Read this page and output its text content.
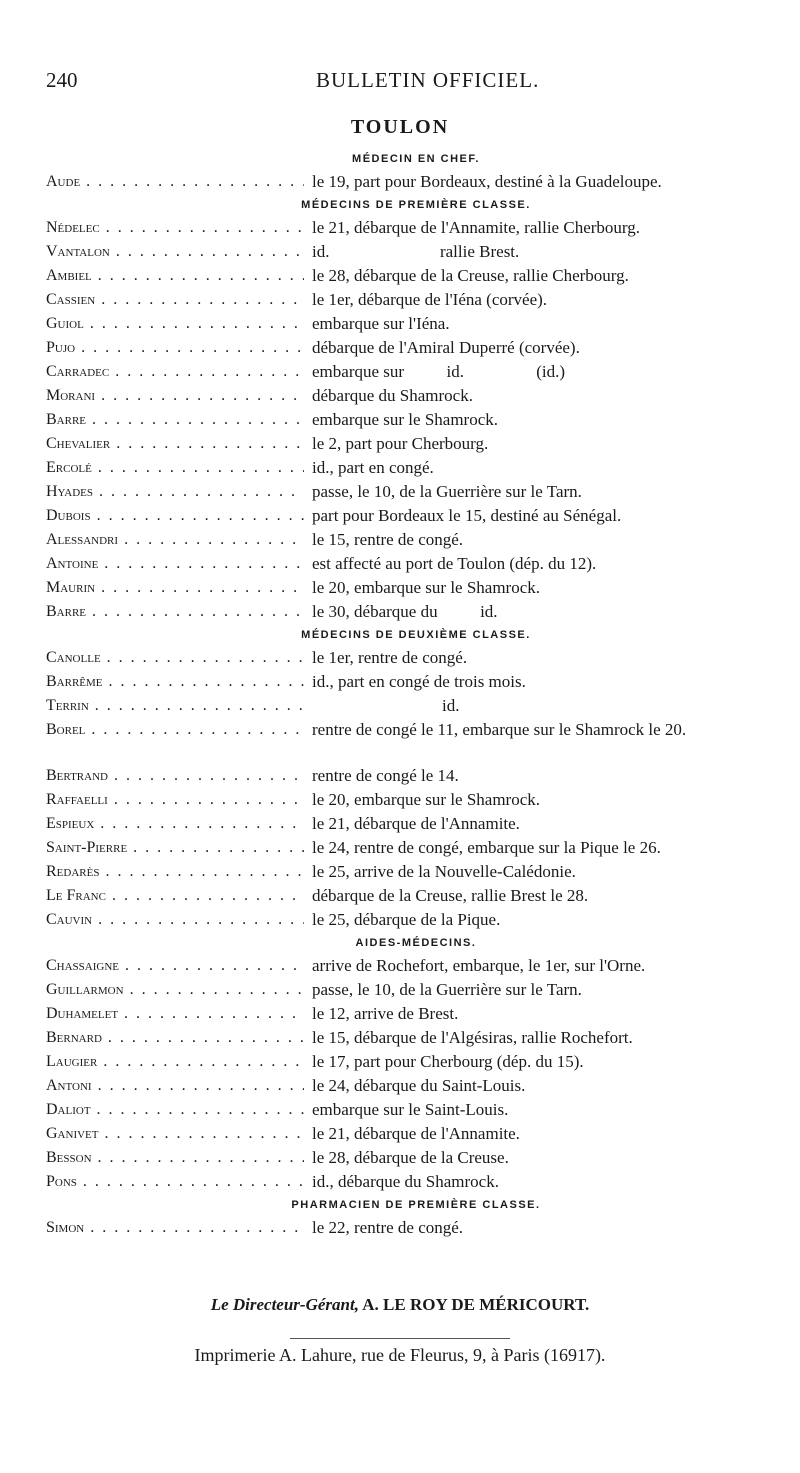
240	BULLETIN OFFICIEL.
TOULON
MÉDECIN EN CHEF.
Aude . . .	le 19, part pour Bordeaux, destiné à la Guadeloupe.
MÉDECINS DE PREMIÈRE CLASSE.
Nédelec . . .	le 21, débarque de l'Annamite, rallie Cherbourg.
Vantalon . . .	id.                          rallie Brest.
Ambiel . . .	le 28, débarque de la Creuse, rallie Cherbourg.
Cassien . . .	le 1er, débarque de l'Iéna (corvée).
Guiol . . .	embarque sur l'Iéna.
Pujo . . .	débarque de l'Amiral Duperré (corvée).
Carradec . . .	embarque sur          id.                 (id.)
Morani . . .	débarque du Shamrock.
Barre . . .	embarque sur le Shamrock.
Chevalier . . .	le 2, part pour Cherbourg.
Ercolé . . .	id., part en congé.
Hyades . . .	passe, le 10, de la Guerrière sur le Tarn.
Dubois . . .	part pour Bordeaux le 15, destiné au Sénégal.
Alessandri . . .	le 15, rentre de congé.
Antoine . . .	est affecté au port de Toulon (dép. du 12).
Maurin . . .	le 20, embarque sur le Shamrock.
Barre . . .	le 30, débarque du          id.
MÉDECINS DE DEUXIÈME CLASSE.
Canolle . . .	le 1er, rentre de congé.
Barrême . . .	id., part en congé de trois mois.
Terrin . . .	id.
Borel . . .	rentre de congé le 11, embarque sur le Shamrock le 20.
Bertrand . . .	rentre de congé le 14.
Raffaelli . . .	le 20, embarque sur le Shamrock.
Espieux . . .	le 21, débarque de l'Annamite.
Saint-Pierre . . .	le 24, rentre de congé, embarque sur la Pique le 26.
Redarès . . .	le 25, arrive de la Nouvelle-Calédonie.
Le Franc . . .	débarque de la Creuse, rallie Brest le 28.
Cauvin . . .	le 25, débarque de la Pique.
AIDES-MÉDECINS.
Chassaigne . . .	arrive de Rochefort, embarque, le 1er, sur l'Orne.
Guillarmon . . .	passe, le 10, de la Guerrière sur le Tarn.
Duhamelet . . .	le 12, arrive de Brest.
Bernard . . .	le 15, débarque de l'Algésiras, rallie Rochefort.
Laugier . . .	le 17, part pour Cherbourg (dép. du 15).
Antoni . . .	le 24, débarque du Saint-Louis.
Daliot . . .	embarque sur le Saint-Louis.
Ganivet . . .	le 21, débarque de l'Annamite.
Besson . . .	le 28, débarque de la Creuse.
Pons . . .	id., débarque du Shamrock.
PHARMACIEN DE PREMIÈRE CLASSE.
Simon . . .	le 22, rentre de congé.
Le Directeur-Gérant, A. LE ROY DE MÉRICOURT.
Imprimerie A. Lahure, rue de Fleurus, 9, à Paris (16917).
